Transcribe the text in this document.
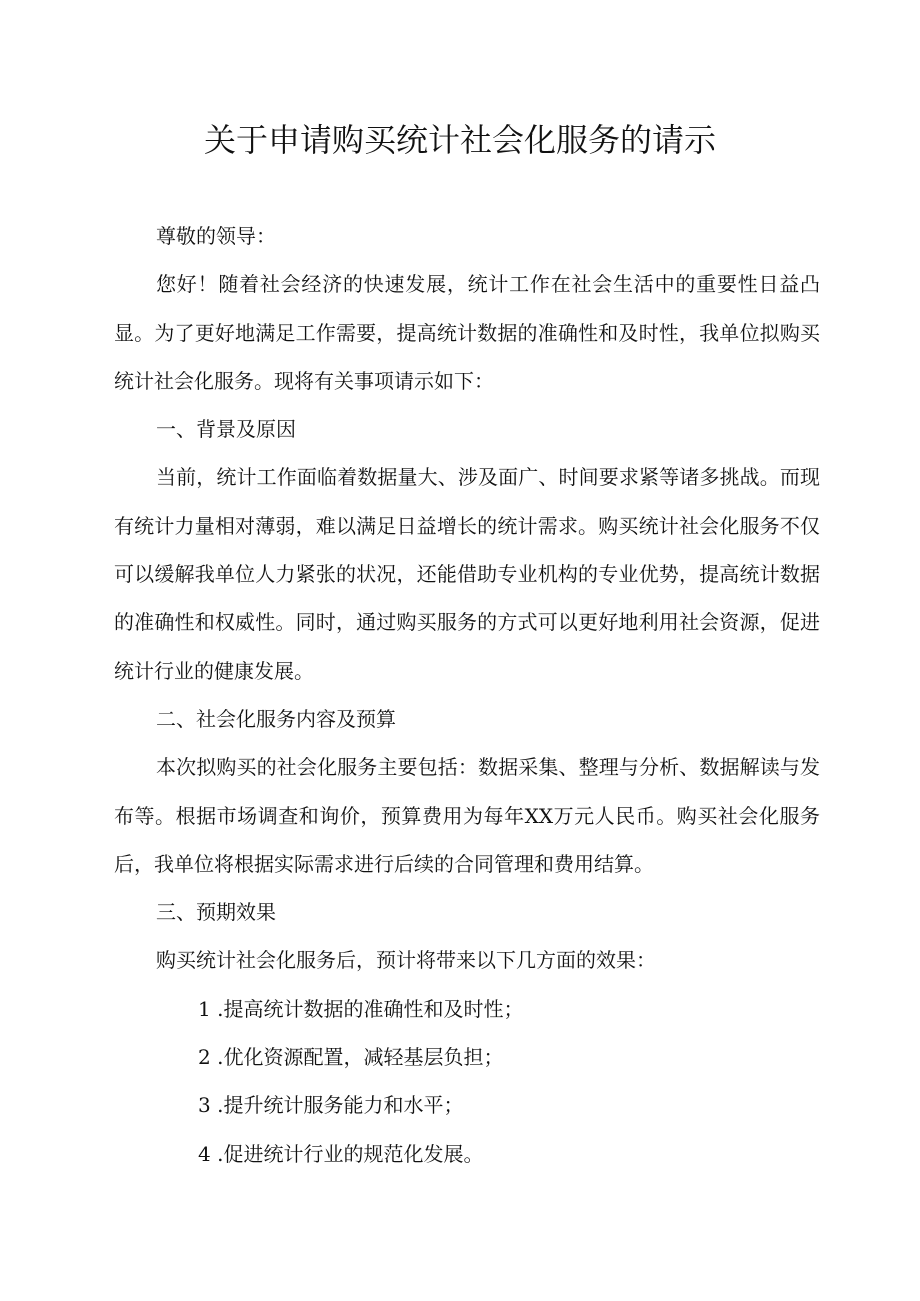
关于申请购买统计社会化服务的请示

尊敬的领导：

您好！随着社会经济的快速发展，统计工作在社会生活中的重要性日益凸显。为了更好地满足工作需要，提高统计数据的准确性和及时性，我单位拟购买统计社会化服务。现将有关事项请示如下：

一、背景及原因

当前，统计工作面临着数据量大、涉及面广、时间要求紧等诸多挑战。而现有统计力量相对薄弱，难以满足日益增长的统计需求。购买统计社会化服务不仅可以缓解我单位人力紧张的状况，还能借助专业机构的专业优势，提高统计数据的准确性和权威性。同时，通过购买服务的方式可以更好地利用社会资源，促进统计行业的健康发展。

二、社会化服务内容及预算

本次拟购买的社会化服务主要包括：数据采集、整理与分析、数据解读与发布等。根据市场调查和询价，预算费用为每年XX万元人民币。购买社会化服务后，我单位将根据实际需求进行后续的合同管理和费用结算。

三、预期效果

购买统计社会化服务后，预计将带来以下几方面的效果：

1 .提高统计数据的准确性和及时性；

2 .优化资源配置，减轻基层负担；

3 .提升统计服务能力和水平；

4 .促进统计行业的规范化发展。
